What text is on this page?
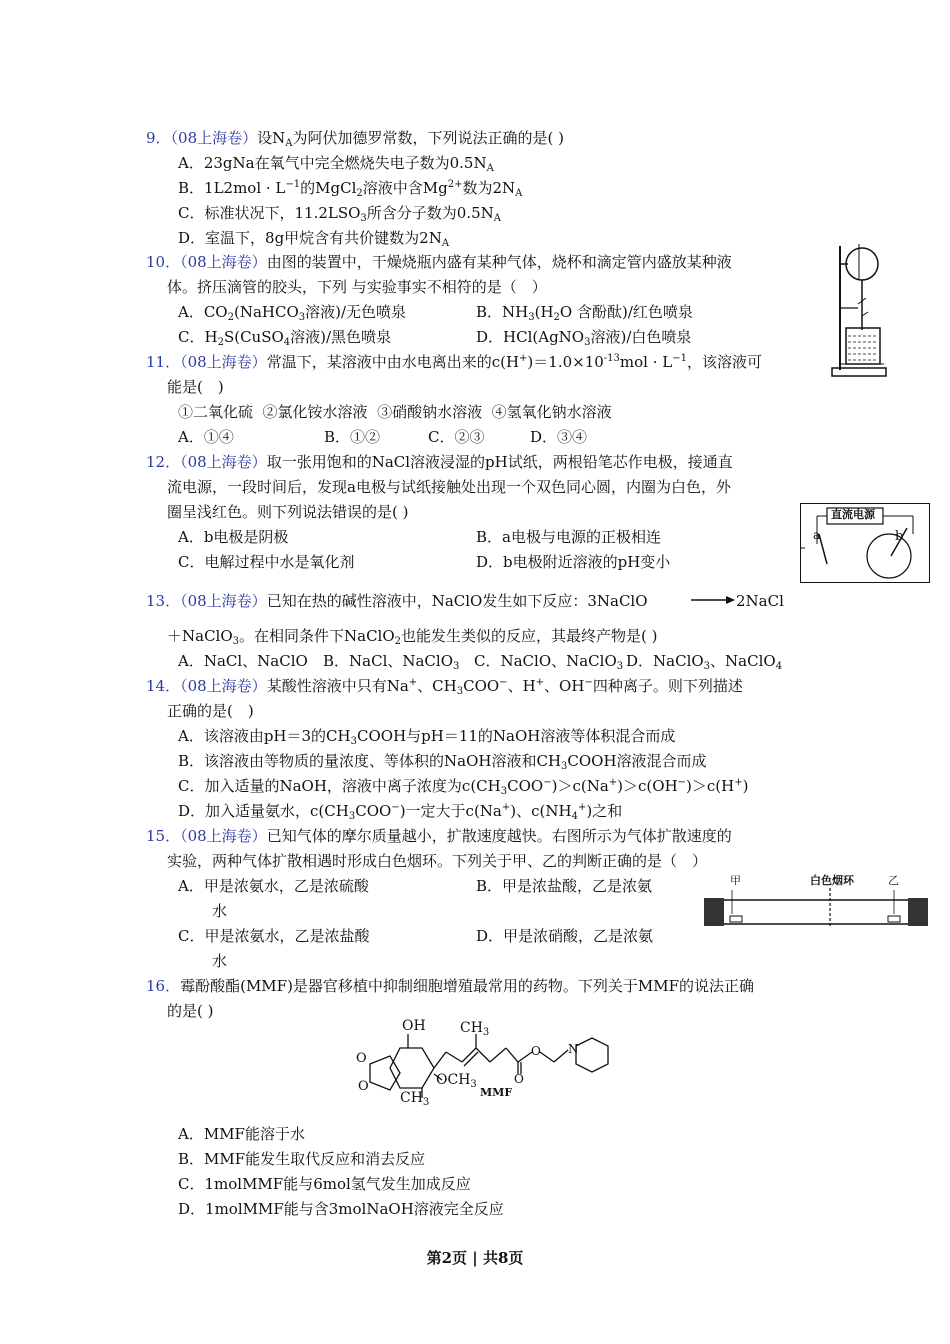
9．（08上海卷）设$N_A$为阿伏加德罗常数，下列说法正确的是( )
A．23gNa在氧气中完全燃烧失电子数为$0.5N_A$
B．$1L2mol \cdot L^{-1}$的MgCl$_2$溶液中含$Mg^{2+}$数为$2N_A$
C．标准状况下，$11.2LSO_3$所含分子数为$0.5N_A$
D．室温下，8g甲烷含有共价键数为$2N_A$
10．（08上海卷）由图的装置中，干燥烧瓶内盛有某种气体，烧杯和滴定管内盛放某种液
体。挤压滴管的胶头，下列 与实验事实不相符的是（　）
A．$CO_2(NaHCO_3$溶液)/无色喷泉	B．$NH_3(H_2O$ 含酚酞)/红色喷泉
C．$H_2S(CuSO_4$溶液)/黑色喷泉	D．HCl(AgNO$_3$溶液)/白色喷泉
11．（08上海卷）常温下，某溶液中由水电离出来的$c(H^+)=1.0\times 10^{-13}mol \cdot L^{-1}$，该溶液可
能是(　)
①二氧化硫  ②氯化铵水溶液  ③硝酸钠水溶液  ④氢氧化钠水溶液
A．①④	B．①②	C．②③	D．③④
12．（08上海卷）取一张用饱和的NaCl溶液浸湿的pH试纸，两根铅笔芯作电极，接通直
流电源，一段时间后，发现a电极与试纸接触处出现一个双色同心圆，内圈为白色，外
圈呈浅红色。则下列说法错误的是( )
A．b电极是阴极	B．a电极与电源的正极相连
C．电解过程中水是氧化剂	D．b电极附近溶液的pH变小
直流电源
a	b
13．（08上海卷）已知在热的碱性溶液中，NaClO发生如下反应：3NaClO	→ 2NaCl
＋NaClO$_3$。在相同条件下NaClO$_2$也能发生类似的反应，其最终产物是( )
A．NaCl、NaClO B．NaCl、NaClO$_3$ C．NaClO、NaClO$_3$ D．NaClO$_3$、NaClO$_4$
14．（08上海卷）某酸性溶液中只有Na+、$CH_3COO^-$、H+、OH−四种离子。则下列描述
正确的是(　)
A．该溶液由pH＝3的$CH_3COOH$与pH＝11的NaOH溶液等体积混合而成
B．该溶液由等物质的量浓度、等体积的NaOH溶液和$CH_3COOH$溶液混合而成
C．加入适量的NaOH，溶液中离子浓度为$c(CH_3COO^-)>c(Na^+)>c(OH^-)>c(H^+)$
D．加入适量氨水，$c(CH_3COO^-)$一定大于c(Na+)、$c(NH_4^+)$之和
15．（08上海卷）已知气体的摩尔质量越小，扩散速度越快。右图所示为气体扩散速度的
实验，两种气体扩散相遇时形成白色烟环。下列关于甲、乙的判断正确的是（　）
A．甲是浓氨水，乙是浓硫酸	B．甲是浓盐酸，乙是浓氨
水
C．甲是浓氨水，乙是浓盐酸	D．甲是浓硝酸，乙是浓氨
水
甲	白色烟环	乙
16．霉酚酸酯(MMF)是器官移植中抑制细胞增殖最常用的药物。下列关于MMF的说法正确
的是( )
OH $CH_3$
O
O	$OCH_3$
$CH_3$
O
O N
MMF
A．MMF能溶于水
B．MMF能发生取代反应和消去反应
C．1molMMF能与6mol氢气发生加成反应
D．1molMMF能与含3molNaOH溶液完全反应
第2页 | 共8页
